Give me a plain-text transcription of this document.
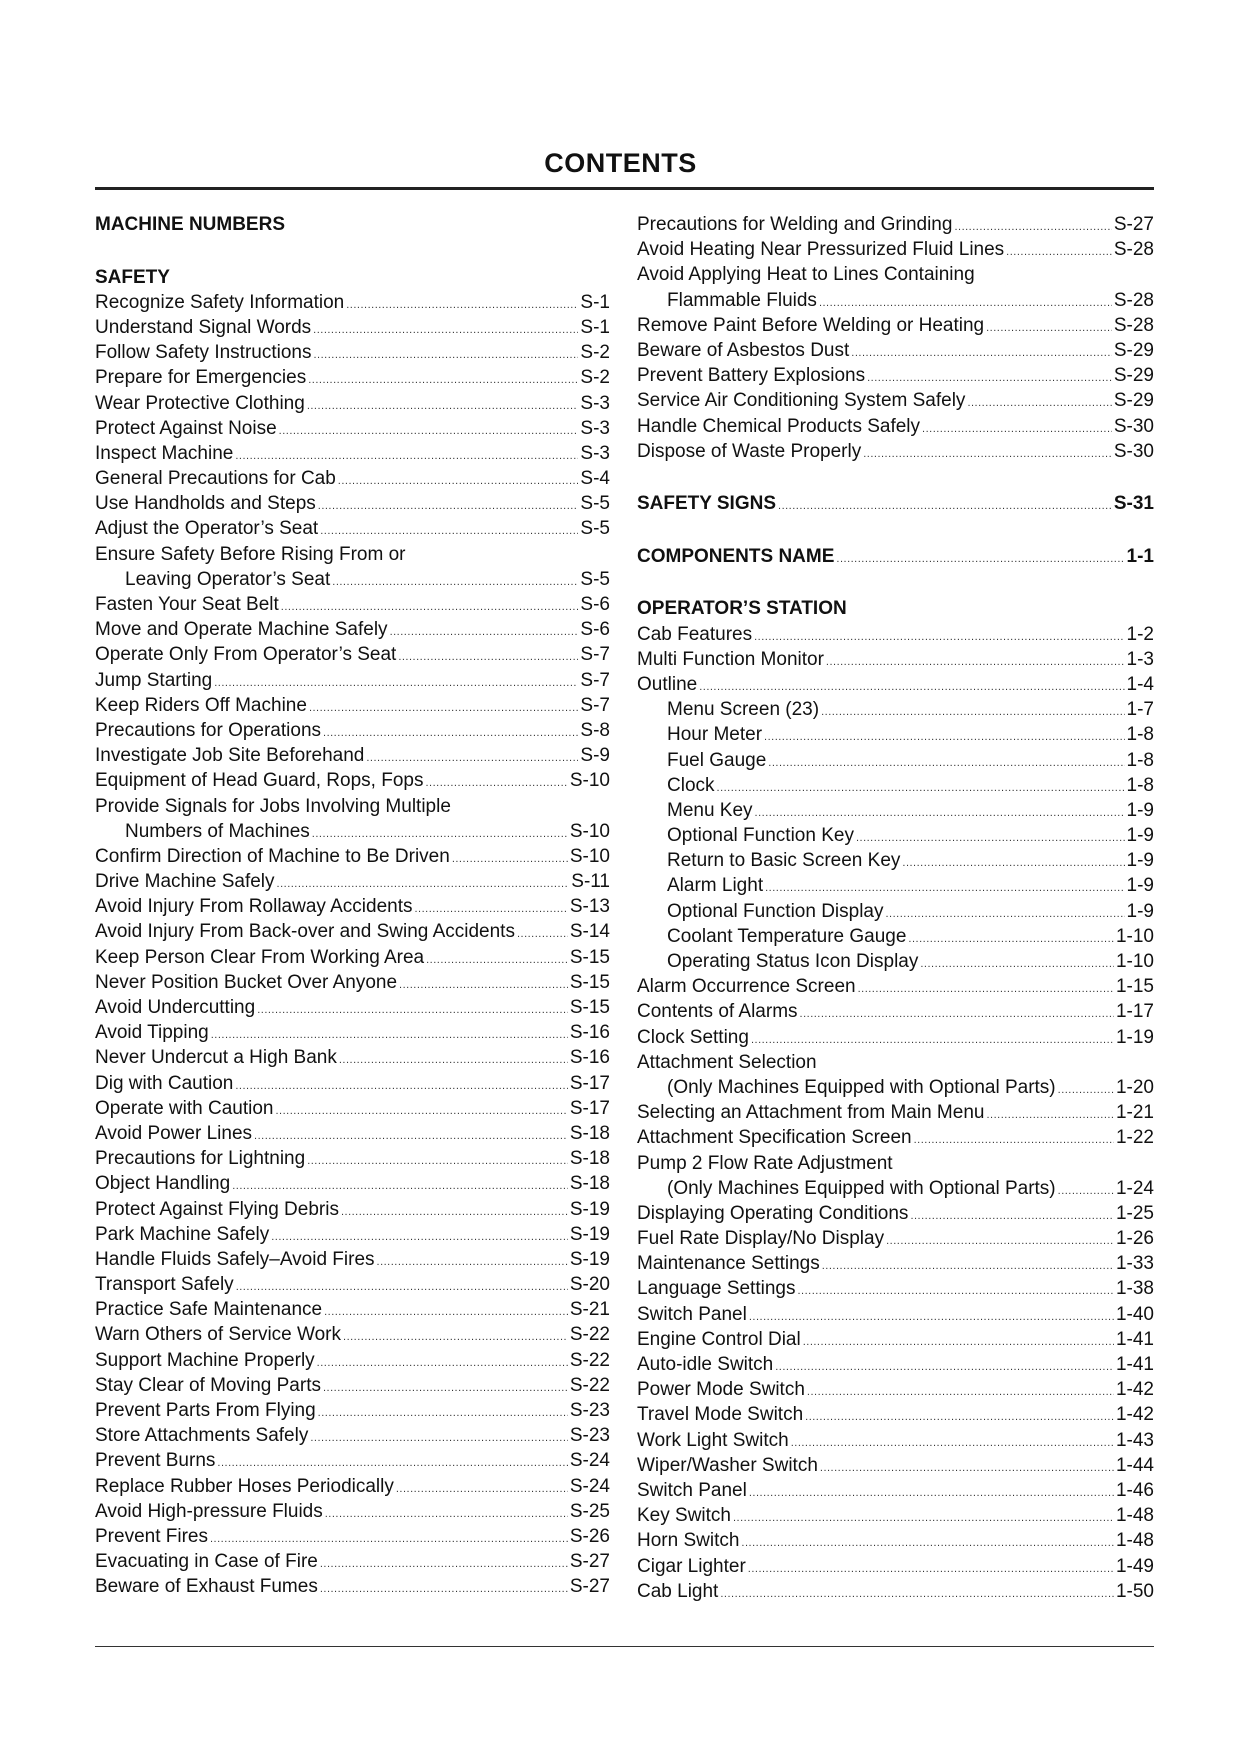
CONTENTS
MACHINE NUMBERS
SAFETY
Recognize Safety Information .....	S-1
Understand Signal Words .....	S-1
Follow Safety Instructions .....	S-2
Prepare for Emergencies .....	S-2
Wear Protective Clothing .....	S-3
Protect Against Noise .....	S-3
Inspect Machine .....	S-3
General Precautions for Cab .....	S-4
Use Handholds and Steps .....	S-5
Adjust the Operator’s Seat .....	S-5
Ensure Safety Before Rising From or
Leaving Operator’s Seat .....	S-5
Fasten Your Seat Belt .....	S-6
Move and Operate Machine Safely .....	S-6
Operate Only From Operator’s Seat .....	S-7
Jump Starting .....	S-7
Keep Riders Off Machine .....	S-7
Precautions for Operations .....	S-8
Investigate Job Site Beforehand .....	S-9
Equipment of Head Guard, Rops, Fops .....	S-10
Provide Signals for Jobs Involving Multiple
Numbers of Machines .....	S-10
Confirm Direction of Machine to Be Driven .....	S-10
Drive Machine Safely .....	S-11
Avoid Injury From Rollaway Accidents .....	S-13
Avoid Injury From Back-over and Swing Accidents .....	S-14
Keep Person Clear From Working Area .....	S-15
Never Position Bucket Over Anyone .....	S-15
Avoid Undercutting .....	S-15
Avoid Tipping .....	S-16
Never Undercut a High Bank .....	S-16
Dig with Caution .....	S-17
Operate with Caution .....	S-17
Avoid Power Lines .....	S-18
Precautions for Lightning .....	S-18
Object Handling .....	S-18
Protect Against Flying Debris .....	S-19
Park Machine Safely .....	S-19
Handle Fluids Safely–Avoid Fires .....	S-19
Transport Safely .....	S-20
Practice Safe Maintenance .....	S-21
Warn Others of Service Work .....	S-22
Support Machine Properly .....	S-22
Stay Clear of Moving Parts .....	S-22
Prevent Parts From Flying .....	S-23
Store Attachments Safely .....	S-23
Prevent Burns .....	S-24
Replace Rubber Hoses Periodically .....	S-24
Avoid High-pressure Fluids .....	S-25
Prevent Fires .....	S-26
Evacuating in Case of Fire .....	S-27
Beware of Exhaust Fumes .....	S-27
Precautions for Welding and Grinding .....	S-27
Avoid Heating Near Pressurized Fluid Lines .....	S-28
Avoid Applying Heat to Lines Containing
Flammable Fluids .....	S-28
Remove Paint Before Welding or Heating .....	S-28
Beware of Asbestos Dust .....	S-29
Prevent Battery Explosions .....	S-29
Service Air Conditioning System Safely .....	S-29
Handle Chemical Products Safely .....	S-30
Dispose of Waste Properly .....	S-30
SAFETY SIGNS .....	S-31
COMPONENTS NAME .....	1-1
OPERATOR’S STATION
Cab Features .....	1-2
Multi Function Monitor .....	1-3
Outline .....	1-4
Menu Screen (23) .....	1-7
Hour Meter .....	1-8
Fuel Gauge .....	1-8
Clock .....	1-8
Menu Key .....	1-9
Optional Function Key .....	1-9
Return to Basic Screen Key .....	1-9
Alarm Light .....	1-9
Optional Function Display .....	1-9
Coolant Temperature Gauge .....	1-10
Operating Status Icon Display .....	1-10
Alarm Occurrence Screen .....	1-15
Contents of Alarms .....	1-17
Clock Setting .....	1-19
Attachment Selection
(Only Machines Equipped with Optional Parts) .....	1-20
Selecting an Attachment from Main Menu .....	1-21
Attachment Specification Screen .....	1-22
Pump 2 Flow Rate Adjustment
(Only Machines Equipped with Optional Parts) .....	1-24
Displaying Operating Conditions .....	1-25
Fuel Rate Display/No Display .....	1-26
Maintenance Settings .....	1-33
Language Settings .....	1-38
Switch Panel .....	1-40
Engine Control Dial .....	1-41
Auto-idle Switch .....	1-41
Power Mode Switch .....	1-42
Travel Mode Switch .....	1-42
Work Light Switch .....	1-43
Wiper/Washer Switch .....	1-44
Switch Panel .....	1-46
Key Switch .....	1-48
Horn Switch .....	1-48
Cigar Lighter .....	1-49
Cab Light .....	1-50
